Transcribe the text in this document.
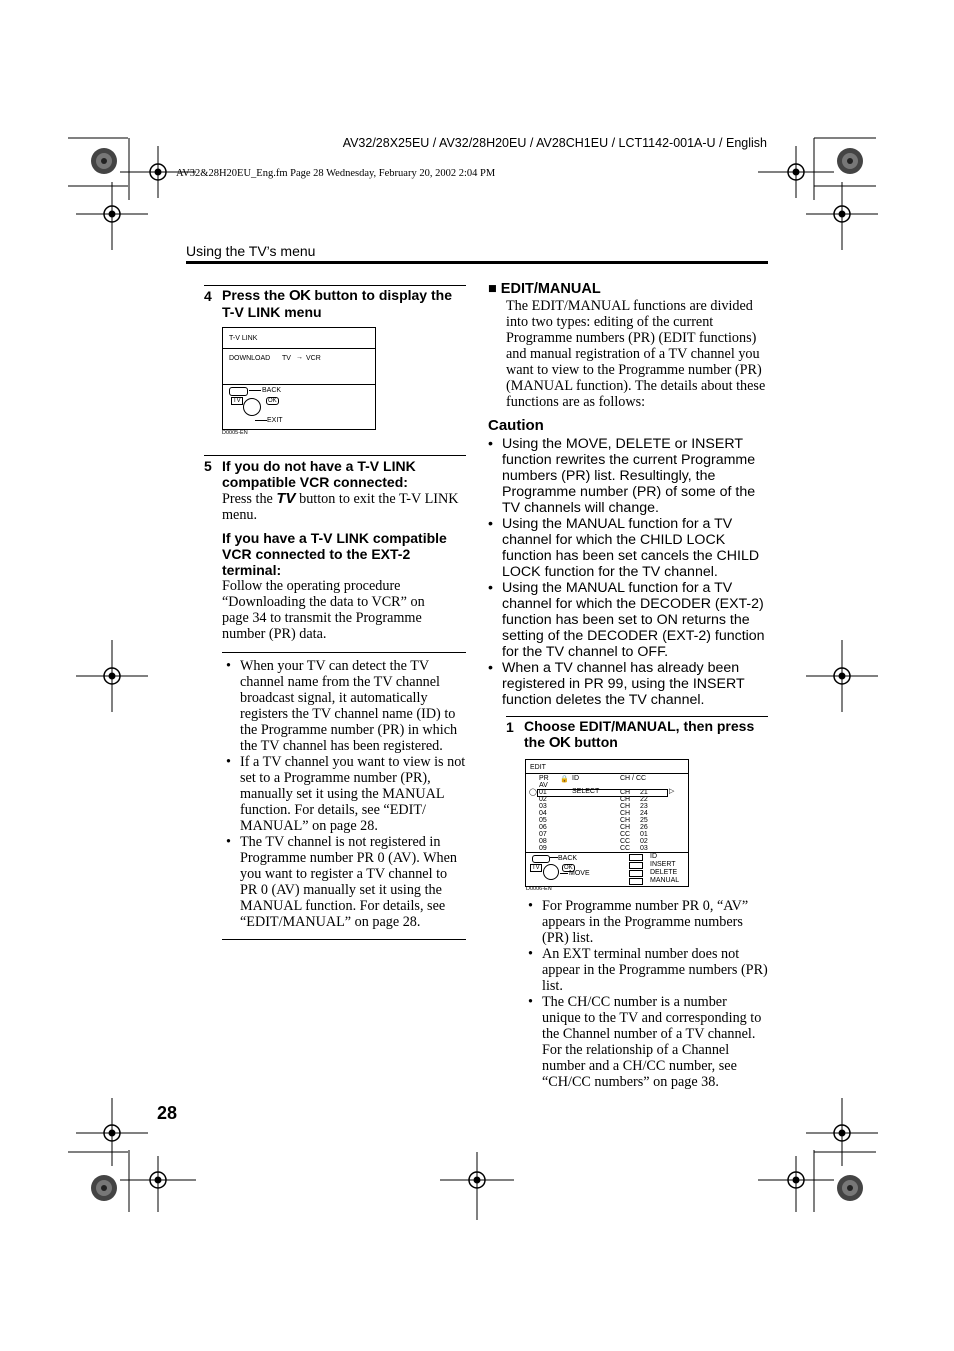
AV32/28X25EU / AV32/28H20EU / AV28CH1EU / LCT1142-001A-U / English
AV32&28H20EU_Eng.fm Page 28 Wednesday, February 20, 2002 2:04 PM
Using the TV’s menu
4 Press the OK button to display the T-V LINK menu
T-V LINK
DOWNLOAD TV → VCR
BACK
TV	OK
EXIT
D0005-EN
5 If you do not have a T-V LINK compatible VCR connected:
Press the TV button to exit the T-V LINK menu.
If you have a T-V LINK compatible VCR connected to the EXT-2 terminal:
Follow the operating procedure “Downloading the data to VCR” on page 34 to transmit the Programme number (PR) data.
• When your TV can detect the TV channel name from the TV channel broadcast signal, it automatically registers the TV channel name (ID) to the Programme number (PR) in which the TV channel has been registered.
• If a TV channel you want to view is not set to a Programme number (PR), manually set it using the MANUAL function. For details, see “EDIT/ MANUAL” on page 28.
• The TV channel is not registered in Programme number PR 0 (AV). When you want to register a TV channel to PR 0 (AV) manually set it using the MANUAL function. For details, see “EDIT/MANUAL” on page 28.
■ EDIT/MANUAL
The EDIT/MANUAL functions are divided into two types: editing of the current Programme numbers (PR) (EDIT functions) and manual registration of a TV channel you want to view to the Programme number (PR) (MANUAL function). The details about these functions are as follows:
Caution
• Using the MOVE, DELETE or INSERT function rewrites the current Programme numbers (PR) list. Resultingly, the Programme number (PR) of some of the TV channels will change.
• Using the MANUAL function for a TV channel for which the CHILD LOCK function has been set cancels the CHILD LOCK function for the TV channel.
• Using the MANUAL function for a TV channel for which the DECODER (EXT-2) function has been set to ON returns the setting of the DECODER (EXT-2) function for the TV channel to OFF.
• When a TV channel has already been registered in PR 99, using the INSERT function deletes the TV channel.
1 Choose EDIT/MANUAL, then press the OK button
EDIT
PR 🔒 ID	CH / CC
AV
◯	SELECT	▷
01	CH 21
02	CH 22
03	CH 23
04	CH 24
05	CH 25
06	CH 26
07	CC 01
08	CC 02
09	CC 03
BACK
TV	OK
MOVE
ID
INSERT
DELETE
MANUAL
D0006-EN
• For Programme number PR 0, “AV” appears in the Programme numbers (PR) list.
• An EXT terminal number does not appear in the Programme numbers (PR) list.
• The CH/CC number is a number unique to the TV and corresponding to the Channel number of a TV channel. For the relationship of a Channel number and a CH/CC number, see “CH/CC numbers” on page 38.
28
